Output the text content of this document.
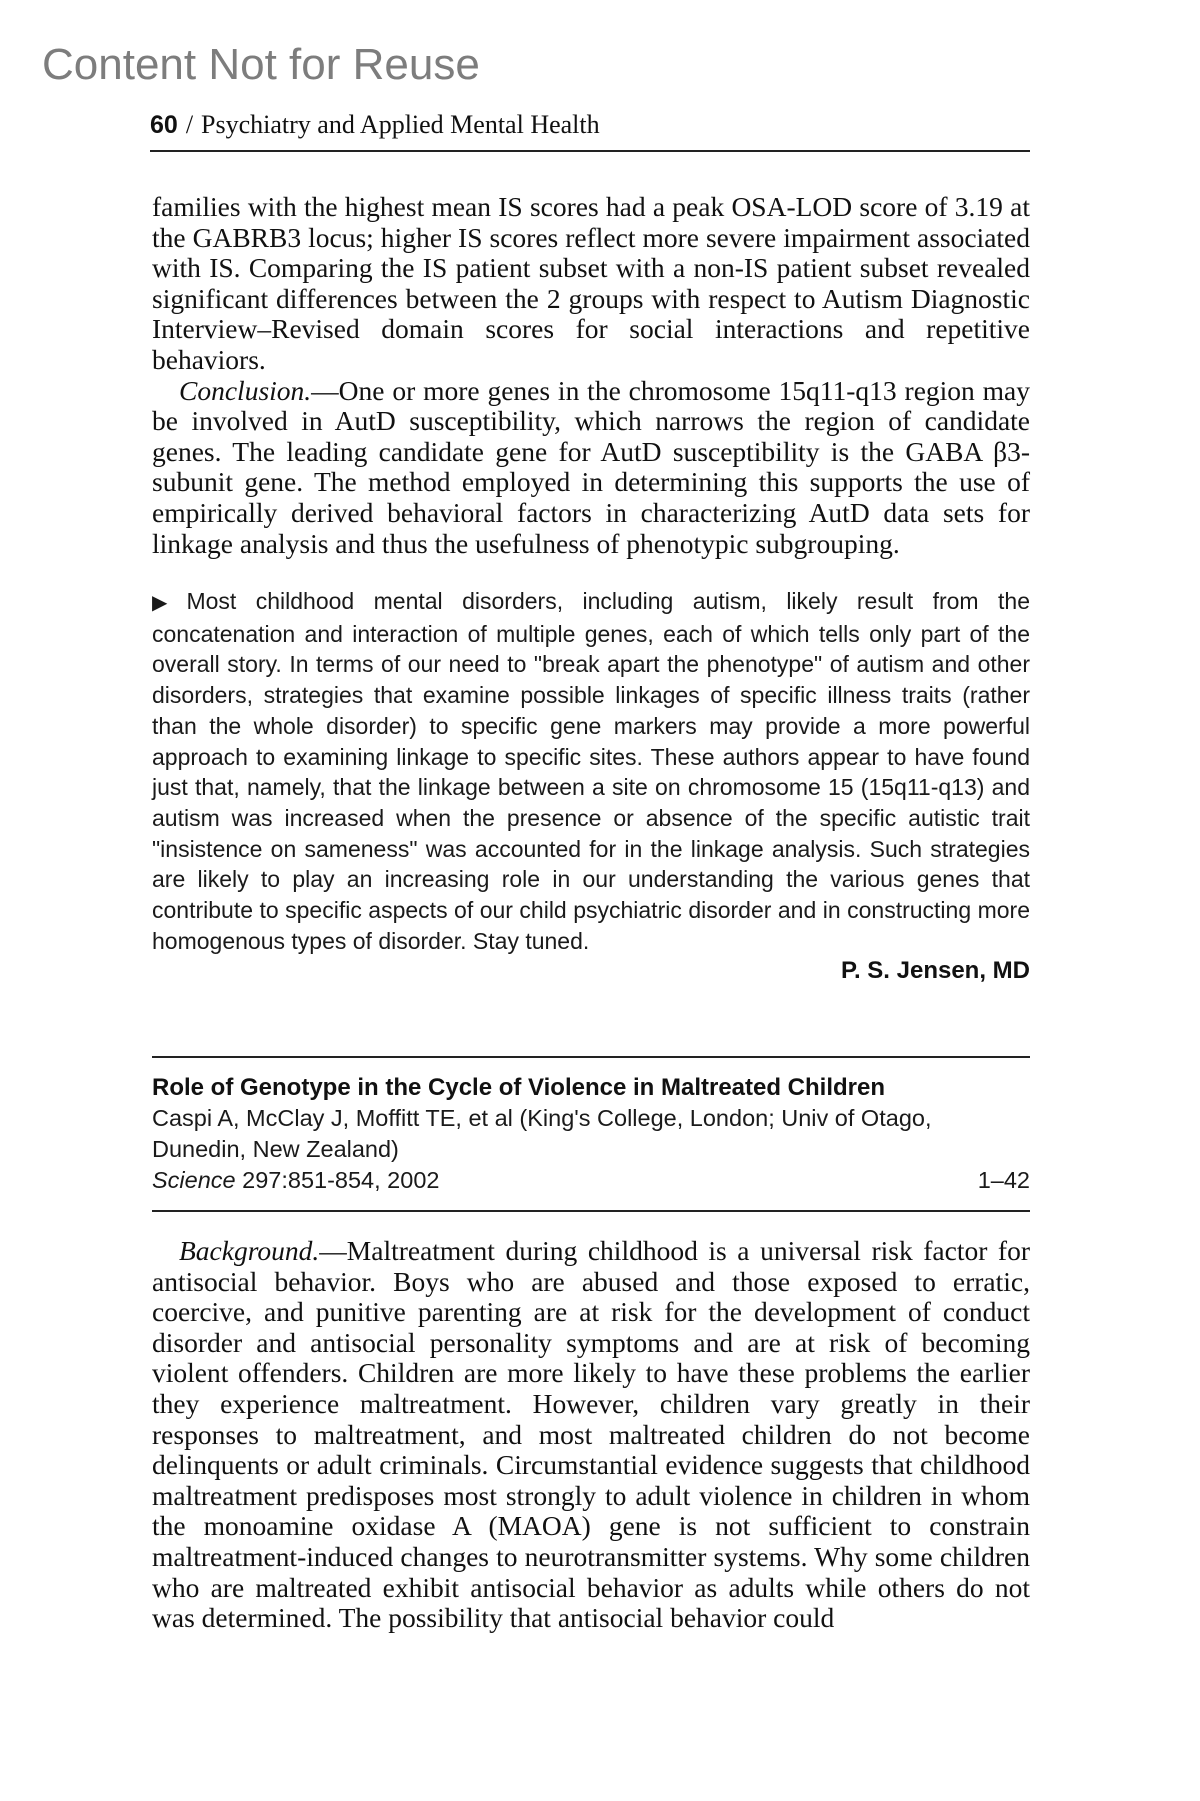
Content Not for Reuse
60 / Psychiatry and Applied Mental Health

families with the highest mean IS scores had a peak OSA-LOD score of 3.19 at the GABRB3 locus; higher IS scores reflect more severe impairment associated with IS. Comparing the IS patient subset with a non-IS patient subset revealed significant differences between the 2 groups with respect to Autism Diagnostic Interview–Revised domain scores for social interactions and repetitive behaviors.

Conclusion.—One or more genes in the chromosome 15q11-q13 region may be involved in AutD susceptibility, which narrows the region of candidate genes. The leading candidate gene for AutD susceptibility is the GABA β3-subunit gene. The method employed in determining this supports the use of empirically derived behavioral factors in characterizing AutD data sets for linkage analysis and thus the usefulness of phenotypic subgrouping.

▶ Most childhood mental disorders, including autism, likely result from the concatenation and interaction of multiple genes, each of which tells only part of the overall story. In terms of our need to "break apart the phenotype" of autism and other disorders, strategies that examine possible linkages of specific illness traits (rather than the whole disorder) to specific gene markers may provide a more powerful approach to examining linkage to specific sites. These authors appear to have found just that, namely, that the linkage between a site on chromosome 15 (15q11-q13) and autism was increased when the presence or absence of the specific autistic trait "insistence on sameness" was accounted for in the linkage analysis. Such strategies are likely to play an increasing role in our understanding the various genes that contribute to specific aspects of our child psychiatric disorder and in constructing more homogenous types of disorder. Stay tuned.

P. S. Jensen, MD
Role of Genotype in the Cycle of Violence in Maltreated Children
Caspi A, McClay J, Moffitt TE, et al (King's College, London; Univ of Otago, Dunedin, New Zealand)
Science 297:851-854, 2002	1–42

Background.—Maltreatment during childhood is a universal risk factor for antisocial behavior. Boys who are abused and those exposed to erratic, coercive, and punitive parenting are at risk for the development of conduct disorder and antisocial personality symptoms and are at risk of becoming violent offenders. Children are more likely to have these problems the earlier they experience maltreatment. However, children vary greatly in their responses to maltreatment, and most maltreated children do not become delinquents or adult criminals. Circumstantial evidence suggests that childhood maltreatment predisposes most strongly to adult violence in children in whom the monoamine oxidase A (MAOA) gene is not sufficient to constrain maltreatment-induced changes to neurotransmitter systems. Why some children who are maltreated exhibit antisocial behavior as adults while others do not was determined. The possibility that antisocial behavior could
